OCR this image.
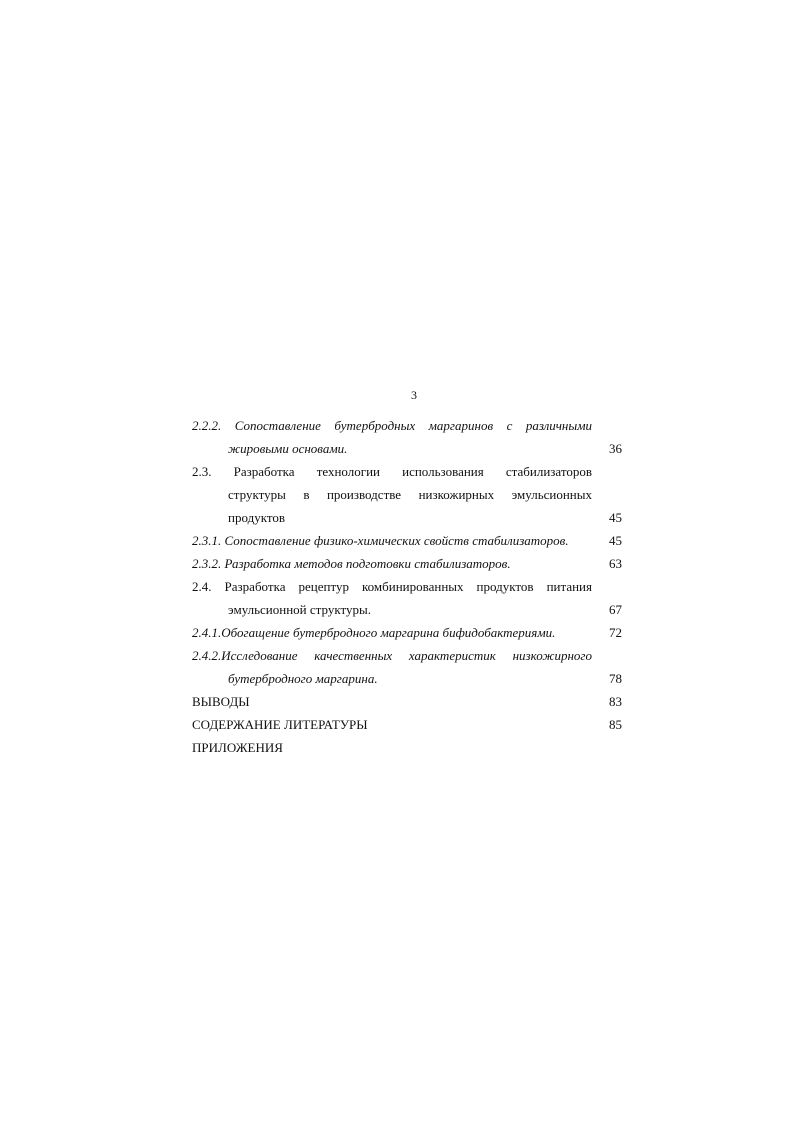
3
2.2.2. Сопоставление бутербродных маргаринов с различными
жировыми основами.	36
2.3. Разработка технологии использования стабилизаторов
структуры в производстве низкожирных эмульсионных
продуктов	45
2.3.1. Сопоставление физико-химических свойств стабилизаторов.	45
2.3.2. Разработка методов подготовки стабилизаторов.	63
2.4. Разработка рецептур комбинированных продуктов питания
эмульсионной структуры.	67
2.4.1.Обогащение бутербродного маргарина бифидобактериями.	72
2.4.2.Исследование качественных характеристик низкожирного
бутербродного маргарина.	78
ВЫВОДЫ	83
СОДЕРЖАНИЕ ЛИТЕРАТУРЫ	85
ПРИЛОЖЕНИЯ
